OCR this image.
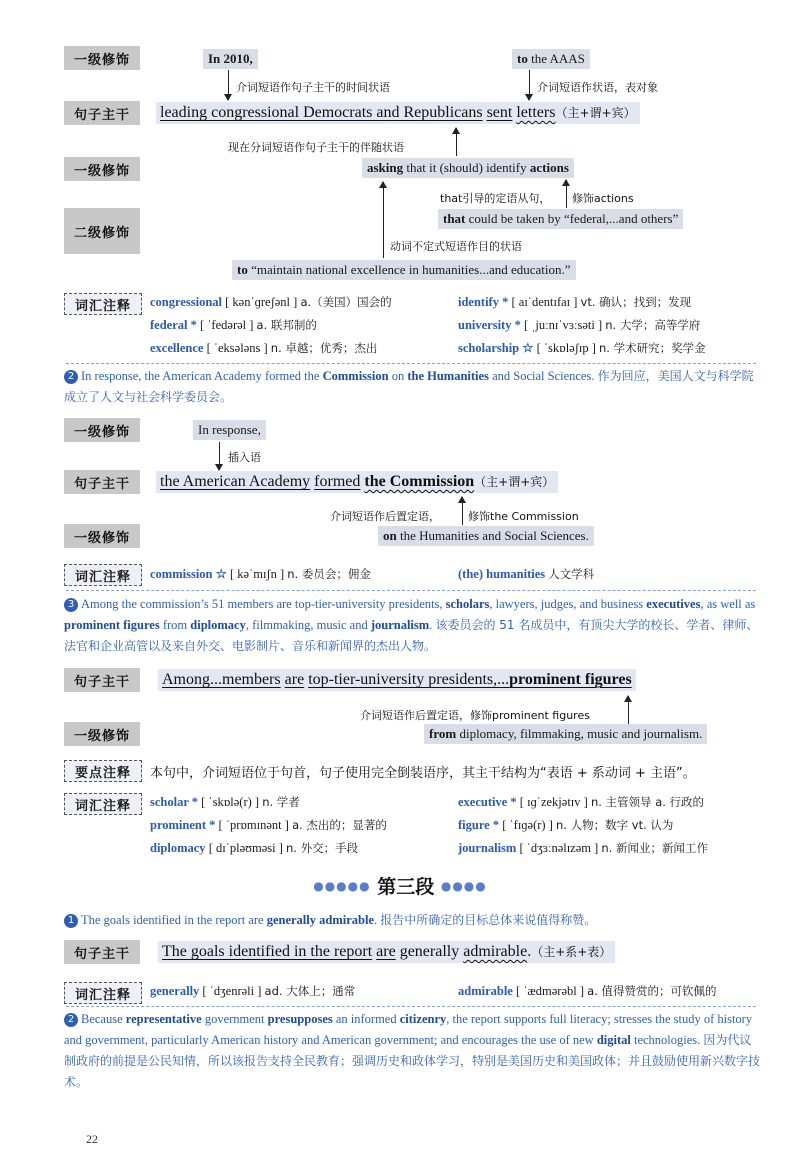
一级修饰	In 2010,	to the AAAS
介词短语作句子主干的时间状语	介词短语作状语，表对象
句子主干	leading congressional Democrats and Republicans sent letters（主+谓+宾）
现在分词短语作句子主干的伴随状语
一级修饰	asking that it (should) identify actions
that引导的定语从句， 修饰actions
that could be taken by “federal,...and others”
二级修饰
动词不定式短语作目的状语
to “maintain national excellence in humanities...and education.”
词汇注释	congressional [ kənˈɡreʃənl ] a.（美国）国会的	identify * [ aɪˈdentɪfaɪ ] vt. 确认；找到；发现
federal * [ ˈfedərəl ] a. 联邦制的	university * [ ˌjuːnɪˈvɜːsəti ] n. 大学；高等学府
excellence [ ˈeksələns ] n. 卓越；优秀；杰出	scholarship ☆ [ ˈskɒləʃɪp ] n. 学术研究；奖学金
2 In response, the American Academy formed the Commission on the Humanities and Social Sciences. 作为回应，美国人文与科学院成立了人文与社会科学委员会。
一级修饰	In response,
插入语
句子主干	the American Academy formed the Commission（主+谓+宾）
介词短语作后置定语，	修饰the Commission
一级修饰	on the Humanities and Social Sciences.
词汇注释	commission ☆ [ kəˈmɪʃn ] n. 委员会；佣金	(the) humanities 人文学科
3 Among the commission’s 51 members are top-tier-university presidents, scholars, lawyers, judges, and business executives, as well as prominent figures from diplomacy, filmmaking, music and journalism. 该委员会的 51 名成员中，有顶尖大学的校长、学者、律师、法官和企业高管以及来自外交、电影制片、音乐和新闻界的杰出人物。
句子主干	Among...members are top-tier-university presidents,...prominent figures
介词短语作后置定语，修饰prominent figures
一级修饰	from diplomacy, filmmaking, music and journalism.
要点注释	本句中，介词短语位于句首，句子使用完全倒装语序，其主干结构为“表语 + 系动词 + 主语”。
词汇注释	scholar * [ ˈskɒlə(r) ] n. 学者	executive * [ ɪɡˈzekjətɪv ] n. 主管领导 a. 行政的
prominent * [ ˈprɒmɪnənt ] a. 杰出的；显著的	figure * [ ˈfɪɡə(r) ] n. 人物；数字 vt. 认为
diplomacy [ dɪˈpləʊməsi ] n. 外交；手段	journalism [ ˈdʒɜːnəlɪzəm ] n. 新闻业；新闻工作
●●●●● 第三段 ●●●●
1 The goals identified in the report are generally admirable. 报告中所确定的目标总体来说值得称赞。
句子主干	The goals identified in the report are generally admirable.（主+系+表）
词汇注释	generally [ ˈdʒenrəli ] ad. 大体上；通常	admirable [ ˈædmərəbl ] a. 值得赞赏的；可钦佩的
2 Because representative government presupposes an informed citizenry, the report supports full literacy; stresses the study of history and government, particularly American history and American government; and encourages the use of new digital technologies. 因为代议制政府的前提是公民知情，所以该报告支持全民教育；强调历史和政体学习，特别是美国历史和美国政体；并且鼓励使用新兴数字技术。
22
